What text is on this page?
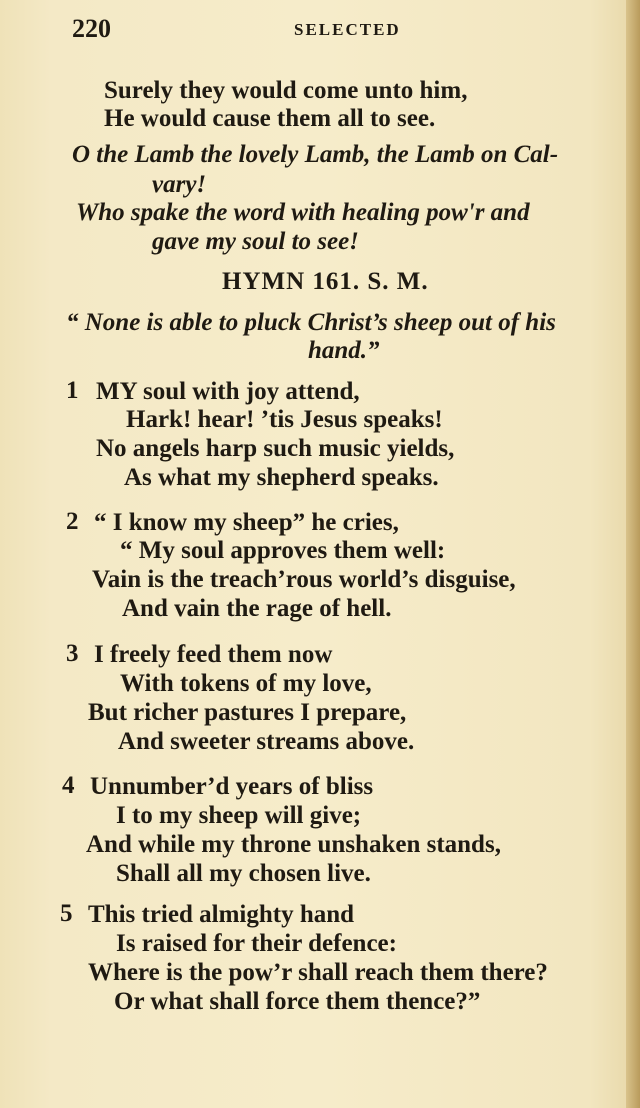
220	SELECTED
Surely they would come unto him,
He would cause them all to see.
O the Lamb the lovely Lamb, the Lamb on Cal-
vary!
Who spake the word with healing pow'r and
gave my soul to see!
HYMN 161. S. M.
“ None is able to pluck Christ’s sheep out of his
hand.”
1 MY soul with joy attend,
Hark! hear! ’tis Jesus speaks!
No angels harp such music yields,
As what my shepherd speaks.
2 “ I know my sheep” he cries,
“ My soul approves them well:
Vain is the treach’rous world’s disguise,
And vain the rage of hell.
3 I freely feed them now
With tokens of my love,
But richer pastures I prepare,
And sweeter streams above.
4 Unnumber’d years of bliss
I to my sheep will give;
And while my throne unshaken stands,
Shall all my chosen live.
5 This tried almighty hand
Is raised for their defence:
Where is the pow’r shall reach them there?
Or what shall force them thence?”
